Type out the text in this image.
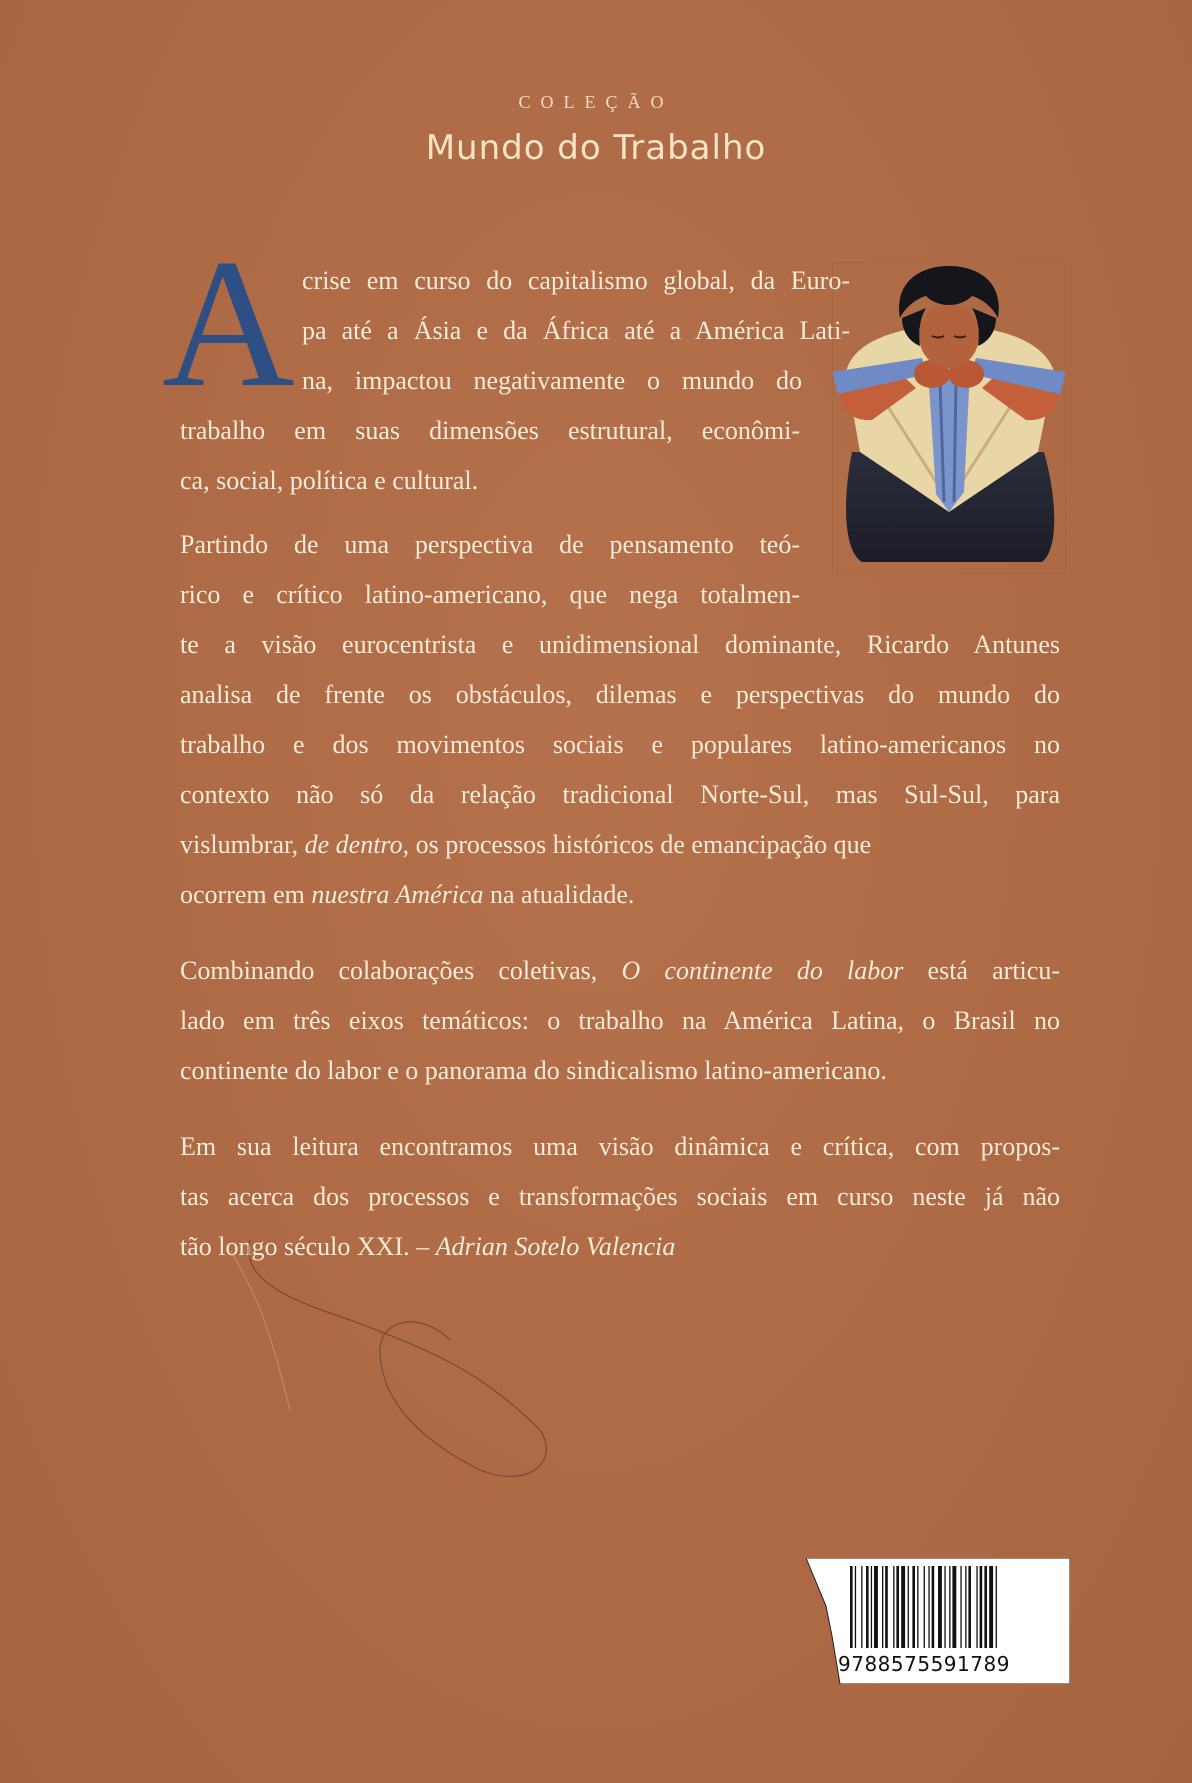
COLEÇÃO
Mundo do Trabalho
A crise em curso do capitalismo global, da Euro-
pa até a Ásia e da África até a América Lati-
na, impactou negativamente o mundo do
trabalho em suas dimensões estrutural, econômi-
ca, social, política e cultural.
Partindo de uma perspectiva de pensamento teó-
rico e crítico latino-americano, que nega totalmen-
te a visão eurocentrista e unidimensional dominante, Ricardo Antunes
analisa de frente os obstáculos, dilemas e perspectivas do mundo do
trabalho e dos movimentos sociais e populares latino-americanos no
contexto não só da relação tradicional Norte-Sul, mas Sul-Sul, para
vislumbrar, de dentro, os processos históricos de emancipação que
ocorrem em nuestra América na atualidade.
Combinando colaborações coletivas, O continente do labor está articu-
lado em três eixos temáticos: o trabalho na América Latina, o Brasil no
continente do labor e o panorama do sindicalismo latino-americano.
Em sua leitura encontramos uma visão dinâmica e crítica, com propos-
tas acerca dos processos e transformações sociais em curso neste já não
tão longo século XXI. – Adrian Sotelo Valencia
9788575591789
